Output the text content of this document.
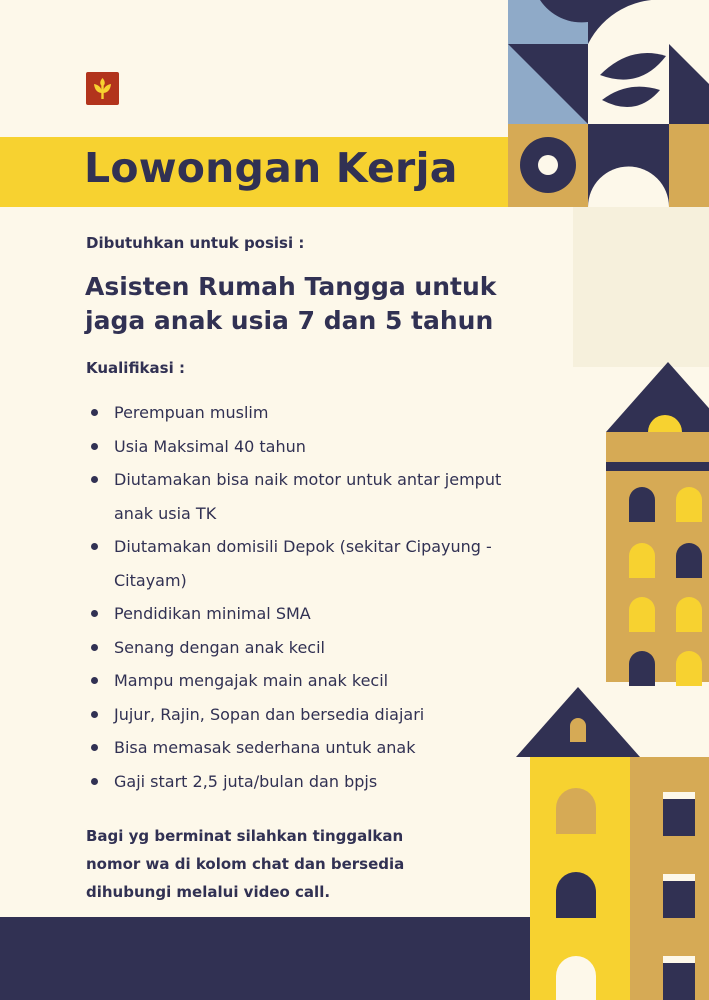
Lowongan Kerja

Dibutuhkan untuk posisi :

Asisten Rumah Tangga untuk jaga anak usia 7 dan 5 tahun

Kualifikasi :

Perempuan muslim
Usia Maksimal 40 tahun
Diutamakan bisa naik motor untuk antar jemput anak usia TK
Diutamakan domisili Depok (sekitar Cipayung - Citayam)
Pendidikan minimal SMA
Senang dengan anak kecil
Mampu mengajak main anak kecil
Jujur, Rajin, Sopan dan bersedia diajari
Bisa memasak sederhana untuk anak
Gaji start 2,5 juta/bulan dan bpjs

Bagi yg berminat silahkan tinggalkan nomor wa di kolom chat dan bersedia dihubungi melalui video call.
